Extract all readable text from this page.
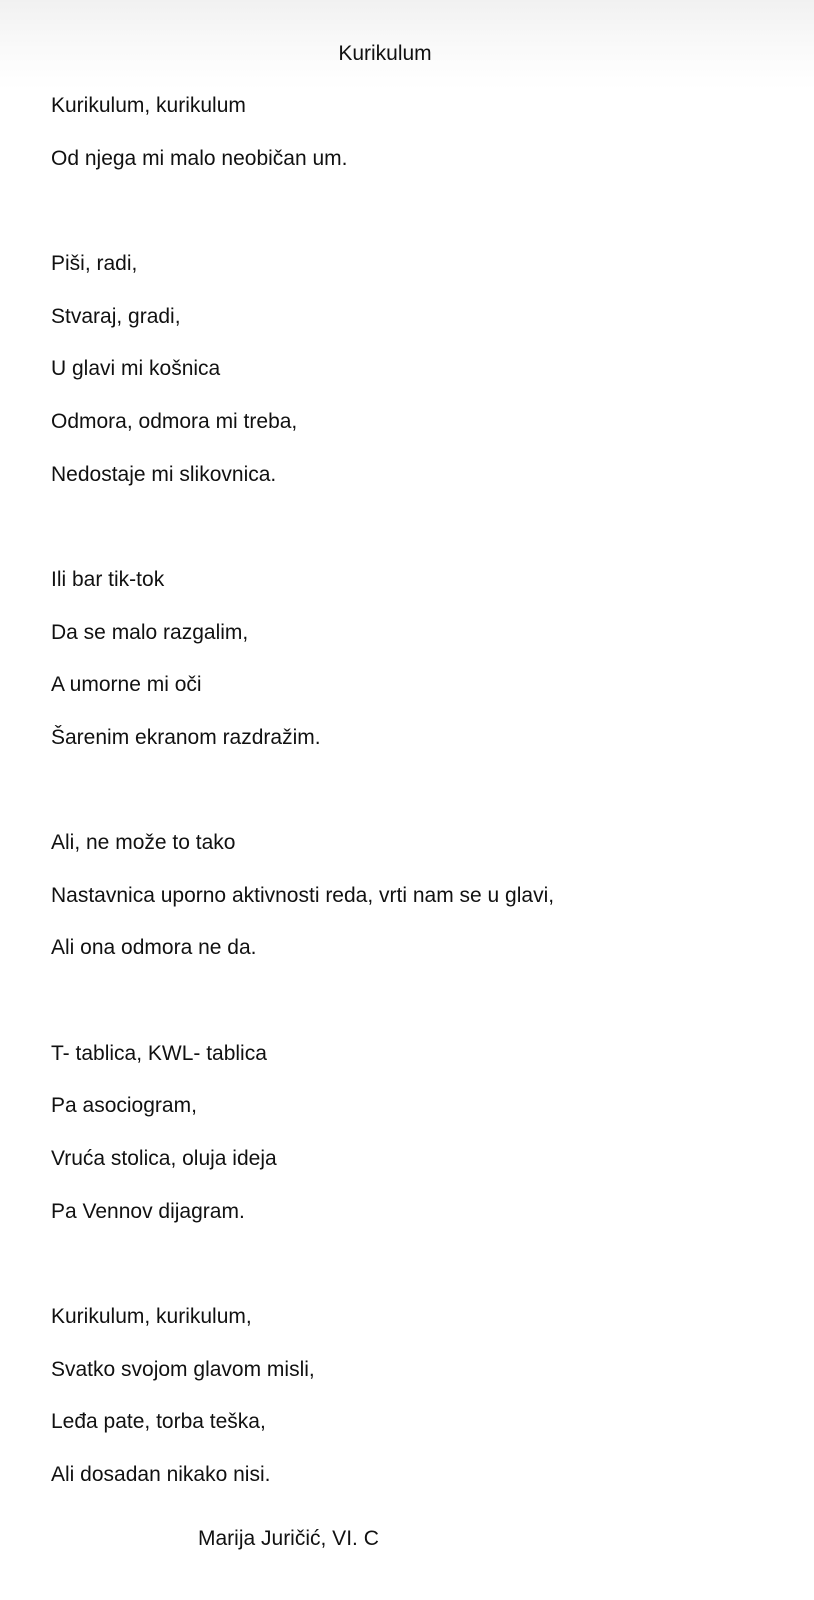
Kurikulum
Kurikulum, kurikulum
Od njega mi malo neobičan um.
Piši, radi,
Stvaraj, gradi,
U glavi mi košnica
Odmora, odmora mi treba,
Nedostaje mi slikovnica.
Ili bar tik-tok
Da se malo razgalim,
A umorne mi oči
Šarenim ekranom razdražim.
Ali, ne može to tako
Nastavnica uporno aktivnosti reda, vrti nam se u glavi,
Ali ona odmora ne da.
T- tablica, KWL- tablica
Pa asociogram,
Vruća stolica, oluja ideja
Pa Vennov dijagram.
Kurikulum, kurikulum,
Svatko svojom glavom misli,
Leđa pate, torba teška,
Ali dosadan nikako nisi.
Marija Juričić, VI. C
